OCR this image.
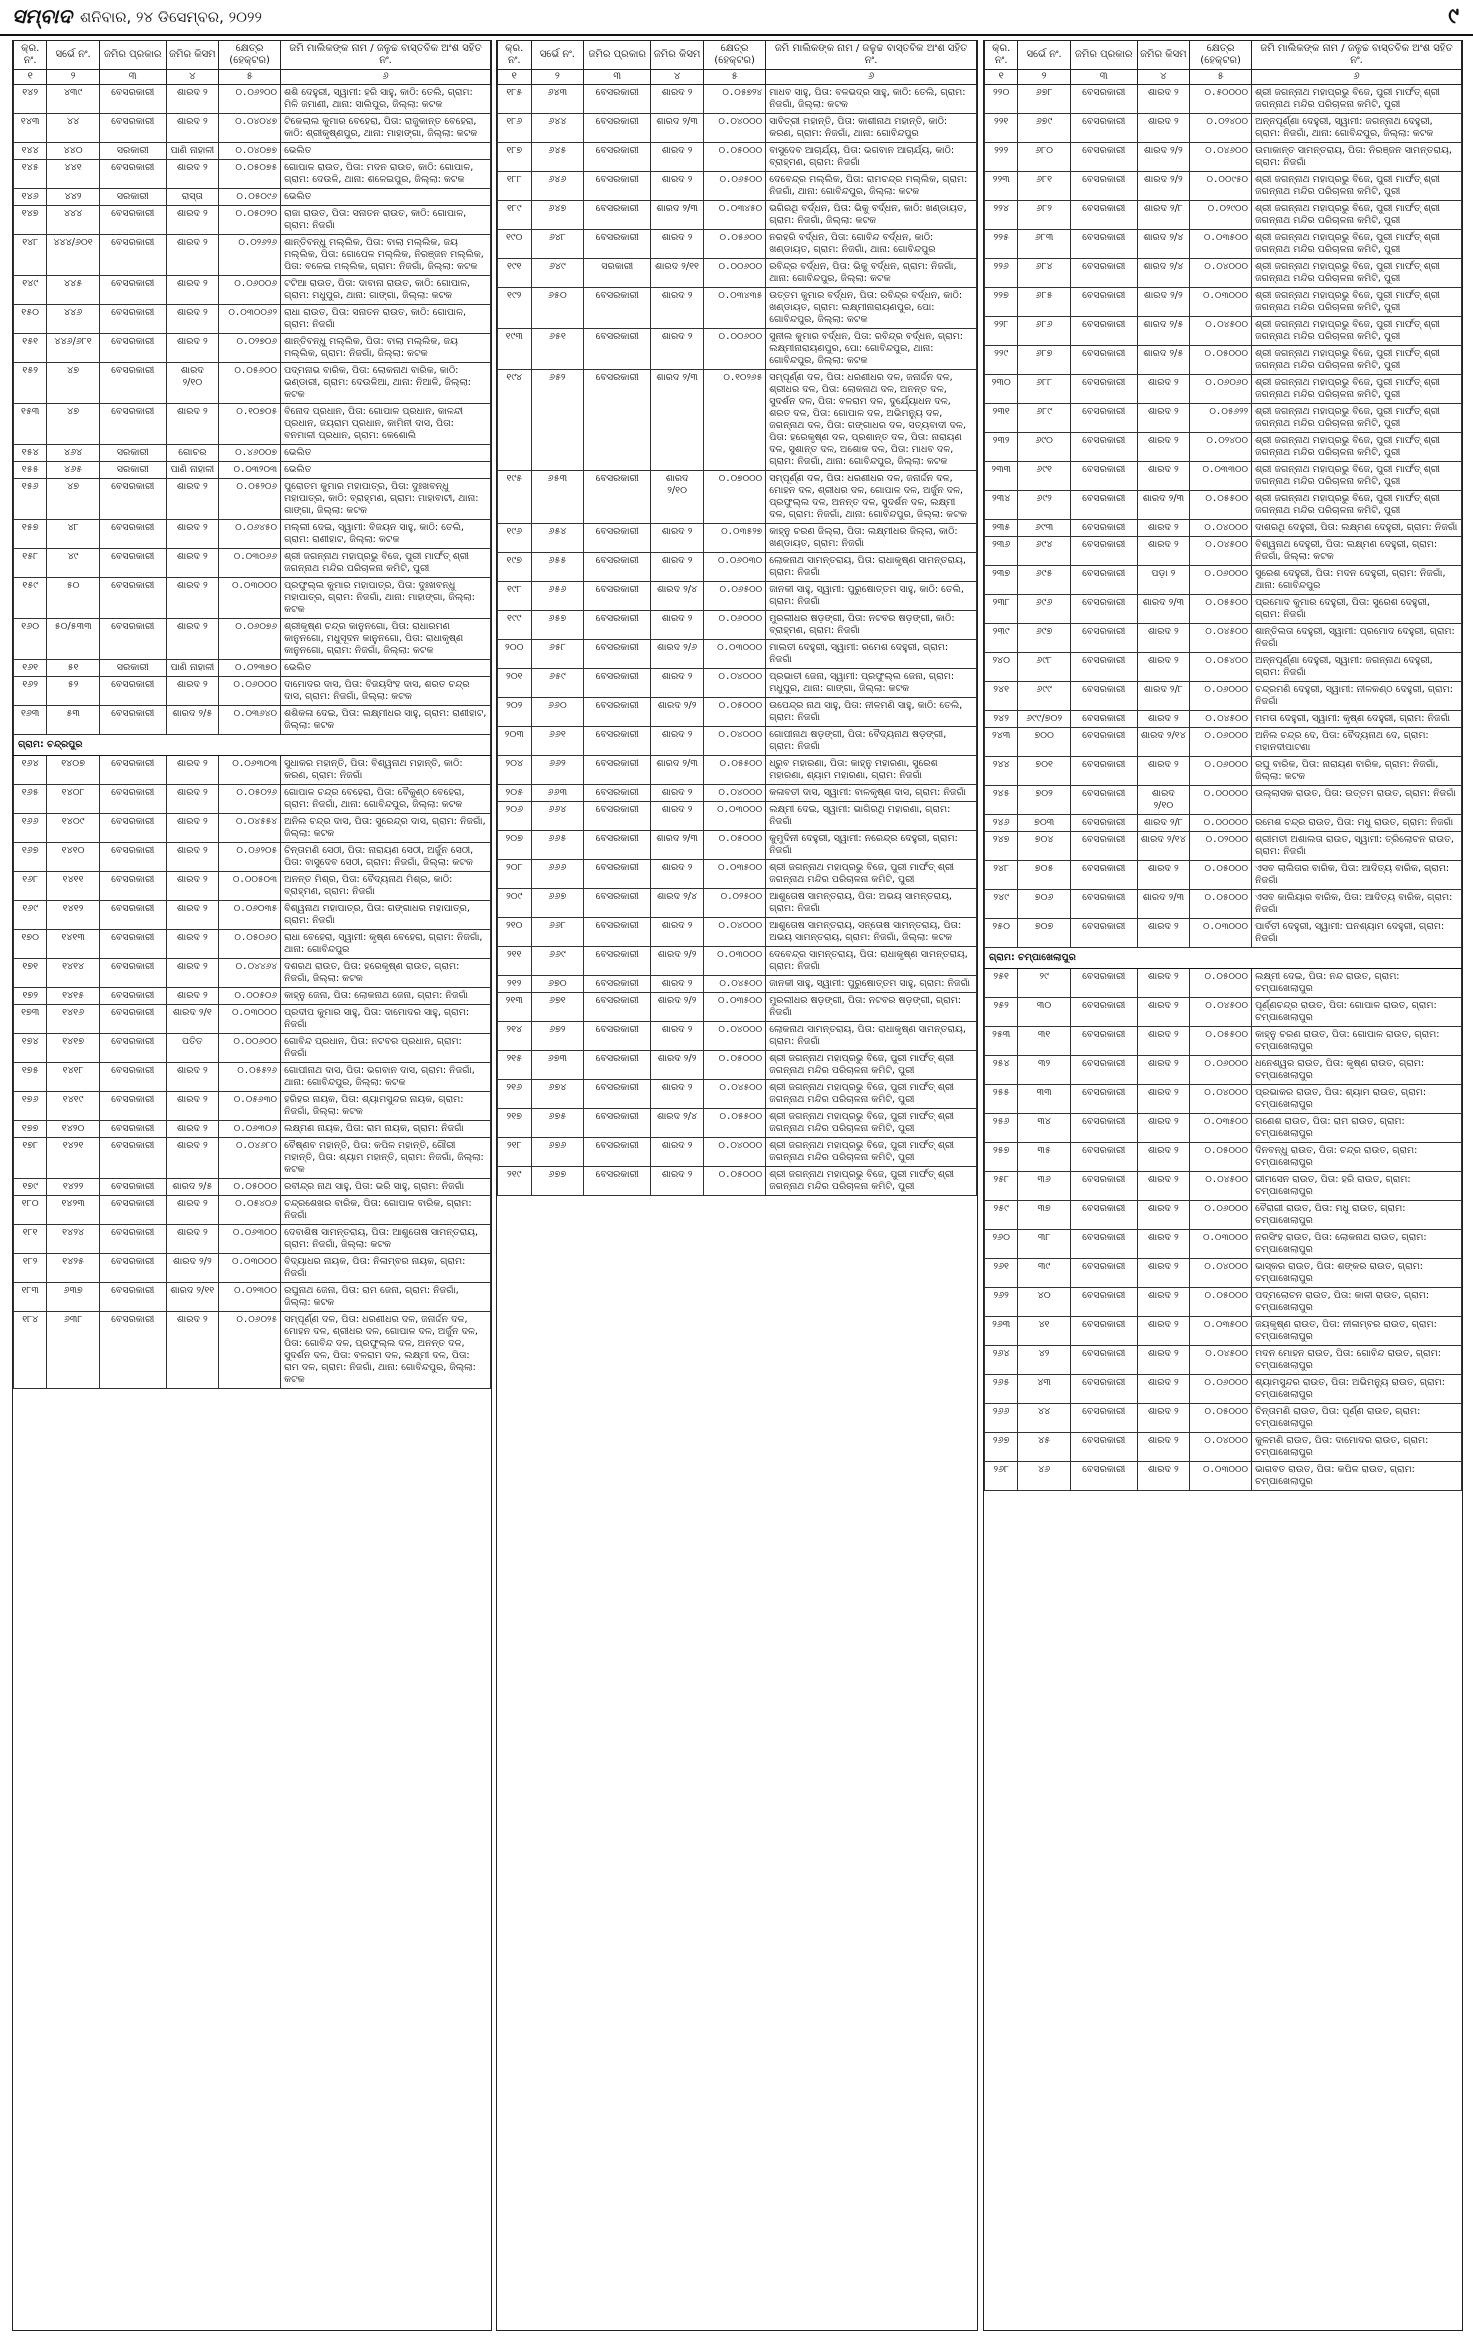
ସମ୍ବାଦ ଶନିବାର, ୨୪ ଡିସେମ୍ବର, ୨୦୨୨	୯
କ୍ର. ନଂ.	ସର୍ଭେ ନଂ.	ଜମିର ପ୍ରକାର	ଜମିର କିସମ	କ୍ଷେତ୍ର (ହେକ୍ଟର)	ଜମି ମାଲିକଙ୍କ ନାମ / ଜଳୁଚ୍ଚ ବାସ୍ତବିକ ଅଂଶ ସହିତ ନଂ.
୧	୨	୩	୪	୫	୬
୧୪୨	୪୩୯	ବେସରକାରୀ	ଶାରଦ ୨	୦.୦୬୨୦୦	ଶଶି ଦେହୁରୀ, ସ୍ୱାମୀ: ହରି ସାହୁ, କାଠି: ତେଲି, ଗ୍ରାମ: ମିଳି ଜମାଣୀ, ଥାନା: ସାଲିପୁର, ଜିଲ୍ଲା: କଟକ
୧୪୩	୪୪	ବେସରକାରୀ	ଶାରଦ ୨	୦.୦୪୦୪୭	ଟିକେଲାଲ କୁମାର ବେହେରା, ପିତା: ରାଜୁକାନ୍ତ ବେହେରା, କାଠି: ଶ୍ରୀକୃଷ୍ଣପୁର, ଥାନା: ମାହାଙ୍ଗା, ଜିଲ୍ଲା: କଟକ
୧୪୪	୪୪୦	ସରକାରୀ	ପାଣି ନାହାଳୀ	୦.୦୪୦୭୭	ଭେଲିତ
୧୪୫	୪୪୧	ବେସରକାରୀ	ଶାରଦ ୨	୦.୦୫୦୭୫	ଗୋପାଳ ରାଉତ, ପିତା: ମଦନ ରାଉତ, କାଠି: ଗୋପାଳ, ଗ୍ରାମ: ଦେଉଳି, ଥାନା: ଶଳେଇପୁର, ଜିଲ୍ଲା: କଟକ
୧୪୬	୪୪୨	ସରକାରୀ	ରାସ୍ତା	୦.୦୫୦୯୬	ଭେଲିତ
୧୪୭	୪୪୪	ବେସରକାରୀ	ଶାରଦ ୨	୦.୦୫୦୨୦	ରାଜା ରାଉତ, ପିତା: ସନାତନ ରାଉତ, କାଠି: ଗୋପାଳ, ଗ୍ରାମ: ନିଜଗାଁ
୧୪୮	୪୪୪/୬୦୧	ବେସରକାରୀ	ଶାରଦ ୨	୦.୦୨୬୨୬	ଶାନ୍ତିବନ୍ଧୁ ମଲ୍ଲିକ, ପିତା: ବାଲା ମଲ୍ଲିକ, ଜୟ ମଲ୍ଲିକ, ପିତା: ଗୋପେଳ ମଲ୍ଲିକ, ନିରଞ୍ଜନ ମଲ୍ଲିକ, ପିତା: ବଳେଇ ମଲ୍ଲିକ, ଗ୍ରାମ: ନିଜଗାଁ, ଜିଲ୍ଲା: କଟକ
୧୪୯	୪୪୫	ବେସରକାରୀ	ଶାରଦ ୨	୦.୦୬୦୦୬	ଟଟିଆ ରାଉତ, ପିତା: ଦାବାନା ରାଉତ, କାଠି: ଗୋପାଳ, ଗ୍ରାମ: ମଧୁପୁର, ଥାନା: ଗାଙ୍ଗା, ଜିଲ୍ଲା: କଟକ
୧୫୦	୪୪୬	ବେସରକାରୀ	ଶାରଦ ୨	୦.୦୩୦୦୬୨	ରାଧା ରାଉତ, ପିତା: ସନାତନ ରାଉତ, କାଠି: ଗୋପାଳ, ଗ୍ରାମ: ନିଜଗାଁ
୧୫୧	୪୪୬/୬୮୧	ବେସରକାରୀ	ଶାରଦ ୨	୦.୦୨୭୦୬	ଶାନ୍ତିବନ୍ଧୁ ମଲ୍ଲିକ, ପିତା: ବାଲା ମଲ୍ଲିକ, ଜୟ ମଲ୍ଲିକ, ଗ୍ରାମ: ନିଜଗାଁ, ଜିଲ୍ଲା: କଟକ
୧୫୨	୪୭	ବେସରକାରୀ	ଶାରଦ ୨/୧୦	୦.୦୫୬୦୦	ପଦ୍ମନାଭ ବାରିକ, ପିତା: ଲୋକନାଥ ବାରିକ, କାଠି: ଭଣ୍ଡାରୀ, ଗ୍ରାମ: ଦେଉଳିଆ, ଥାନା: ନିଆଳି, ଜିଲ୍ଲା: କଟକ
୧୫୩	୪୭	ବେସରକାରୀ	ଶାରଦ ୨	୦.୧୦୭୦୫	ବିନୋଦ ପ୍ରଧାନ, ପିତା: ଗୋପାଳ ପ୍ରଧାନ, କାଳନ୍ଦୀ ପ୍ରଧାନ, ଜୟରାମ ପ୍ରଧାନ, କାମିନୀ ଦାସ, ପିତା: ବନମାଳୀ ପ୍ରଧାନ, ଗ୍ରାମ: କେଶୋଲି
୧୫୪	୪୬୪	ସରକାରୀ	ଗୋଚର	୦.୪୬୦୦୭	ଭେଲିତ
୧୫୫	୪୬୫	ସରକାରୀ	ପାଣି ନାହାଳୀ	୦.୦୩୨୦୩	ଭେଲିତ
୧୫୬	୪୭	ବେସରକାରୀ	ଶାରଦ ୨	୦.୦୫୨୦୬	ପୁରୋତମ କୁମାର ମହାପାତ୍ର, ପିତା: ଦୁଃଖବନ୍ଧୁ ମହାପାତ୍ର, କାଠି: ବ୍ରାହ୍ମଣ, ଗ୍ରାମ: ମାହାବାଟୀ, ଥାନା: ଗାଙ୍ଗା, ଜିଲ୍ଲା: କଟକ
୧୫୭	୪୮	ବେସରକାରୀ	ଶାରଦ ୨	୦.୦୬୪୫୦	ମଲ୍ଲୀ ଦେଇ, ସ୍ୱାମୀ: ବିଜୟନ ସାହୁ, କାଠି: ତେଲି, ଗ୍ରାମ: ରାଣୀହାଟ, ଜିଲ୍ଲା: କଟକ
୧୫୮	୪୯	ବେସରକାରୀ	ଶାରଦ ୨	୦.୦୩୦୬୬	ଶ୍ରୀ ଜଗନ୍ନାଥ ମହାପ୍ରଭୁ ବିଜେ, ପୁରୀ ମାର୍ଫତ୍ ଶ୍ରୀ ଜଗନ୍ନାଥ ମନ୍ଦିର ପରିଚାଳନା କମିଟି, ପୁରୀ
୧୫୯	୫୦	ବେସରକାରୀ	ଶାରଦ ୨	୦.୦୩୦୦୦	ପ୍ରଫୁଲ୍ଲ କୁମାର ମହାପାତ୍ର, ପିତା: ଦୁଃଖବନ୍ଧୁ ମହାପାତ୍ର, ଗ୍ରାମ: ନିଜଗାଁ, ଥାନା: ମାହାଙ୍ଗା, ଜିଲ୍ଲା: କଟକ
୧୬୦	୫୦/୫୩୩	ବେସରକାରୀ	ଶାରଦ ୨	୦.୦୬୦୭୬	ଶ୍ରୀକୃଷ୍ଣ ଚନ୍ଦ୍ର କାନୁନଗୋ, ପିତା: ରାଧାରମଣ କାନୁନଗୋ, ମଧୁସୂଦନ କାନୁନଗୋ, ପିତା: ରାଧାକୃଷ୍ଣ କାନୁନଗୋ, ଗ୍ରାମ: ନିଜଗାଁ, ଜିଲ୍ଲା: କଟକ
୧୬୧	୫୧	ସରକାରୀ	ପାଣି ନାହାଳୀ	୦.୦୨୩୭୦	ଭେଲିତ
୧୬୨	୫୨	ବେସରକାରୀ	ଶାରଦ ୨	୦.୦୬୦୦୦	ଦାମୋଦର ଦାସ, ପିତା: ବିଜୟସିଂହ ଦାସ, ଶରତ ଚନ୍ଦ୍ର ଦାସ, ଗ୍ରାମ: ନିଜଗାଁ, ଜିଲ୍ଲା: କଟକ
୧୬୩	୫୩	ବେସରକାରୀ	ଶାରଦ ୨/୫	୦.୦୩୬୪୦	ଶଶିକଳା ଦେଇ, ପିତା: ଲକ୍ଷ୍ମୀଧର ସାହୁ, ଗ୍ରାମ: ରାଣୀହାଟ, ଜିଲ୍ଲା: କଟକ
ଗ୍ରାମ: ଚନ୍ଦ୍ରପୁର					
୧୬୪	୧୪୦୭	ବେସରକାରୀ	ଶାରଦ ୨	୦.୦୬୩୦୩	ସୁଧାକର ମହାନ୍ତି, ପିତା: ବିଶ୍ୱନାଥ ମହାନ୍ତି, କାଠି: କରଣ, ଗ୍ରାମ: ନିଜଗାଁ
୧୬୫	୧୪୦୮	ବେସରକାରୀ	ଶାରଦ ୨	୦.୦୫୦୨୬	ଗୋପାଳ ଚନ୍ଦ୍ର ବେହେରା, ପିତା: ବୈକୁଣ୍ଠ ବେହେରା, ଗ୍ରାମ: ନିଜଗାଁ, ଥାନା: ଗୋବିନ୍ଦପୁର, ଜିଲ୍ଲା: କଟକ
୧୬୬	୧୪୦୯	ବେସରକାରୀ	ଶାରଦ ୨	୦.୦୪୫୫୪	ଅନିଲ ଚନ୍ଦ୍ର ଦାସ, ପିତା: ସୁରେନ୍ଦ୍ର ଦାସ, ଗ୍ରାମ: ନିଜଗାଁ, ଜିଲ୍ଲା: କଟକ
୧୬୭	୧୪୧୦	ବେସରକାରୀ	ଶାରଦ ୨	୦.୦୬୨୦୫	ଚିନ୍ତାମଣି ସେଠୀ, ପିତା: ନାରାୟଣ ସେଠୀ, ଅର୍ଜୁନ ସେଠୀ, ପିତା: ବାସୁଦେବ ସେଠୀ, ଗ୍ରାମ: ନିଜଗାଁ, ଜିଲ୍ଲା: କଟକ
୧୬୮	୧୪୧୧	ବେସରକାରୀ	ଶାରଦ ୨	୦.୦୦୫୦୩	ଅନନ୍ତ ମିଶ୍ର, ପିତା: ବୈଦ୍ୟନାଥ ମିଶ୍ର, କାଠି: ବ୍ରାହ୍ମଣ, ଗ୍ରାମ: ନିଜଗାଁ
୧୬୯	୧୪୧୨	ବେସରକାରୀ	ଶାରଦ ୨	୦.୦୬୦୩୫	ବିଶ୍ୱନାଥ ମହାପାତ୍ର, ପିତା: ଗଙ୍ଗାଧର ମହାପାତ୍ର, ଗ୍ରାମ: ନିଜଗାଁ
୧୭୦	୧୪୧୩	ବେସରକାରୀ	ଶାରଦ ୨	୦.୦୫୦୬୦	ରାଧା ବେହେରା, ସ୍ୱାମୀ: କୃଷ୍ଣ ବେହେରା, ଗ୍ରାମ: ନିଜଗାଁ, ଥାନା: ଗୋବିନ୍ଦପୁର
୧୭୧	୧୪୧୪	ବେସରକାରୀ	ଶାରଦ ୨	୦.୦୪୪୬୪	ଦଶରଥ ରାଉତ, ପିତା: ହରେକୃଷ୍ଣ ରାଉତ, ଗ୍ରାମ: ନିଜଗାଁ, ଜିଲ୍ଲା: କଟକ
୧୭୨	୧୪୧୫	ବେସରକାରୀ	ଶାରଦ ୨	୦.୦୦୫୦୬	କାହ୍ନୁ ଜେନା, ପିତା: ଲୋକନାଥ ଜେନା, ଗ୍ରାମ: ନିଜଗାଁ
୧୭୩	୧୪୧୬	ବେସରକାରୀ	ଶାରଦ ୨/୧	୦.୦୩୦୦୦	ପ୍ରଦୀପ କୁମାର ସାହୁ, ପିତା: ଦାମୋଦର ସାହୁ, ଗ୍ରାମ: ନିଜଗାଁ
୧୭୪	୧୪୧୭	ବେସରକାରୀ	ପତିତ	୦.୦୦୬୦୦	ଗୋବିନ୍ଦ ପ୍ରଧାନ, ପିତା: ନଟବର ପ୍ରଧାନ, ଗ୍ରାମ: ନିଜଗାଁ
୧୭୫	୧୪୧୮	ବେସରକାରୀ	ଶାରଦ ୨	୦.୦୫୫୨୬	ଗୋପୀନାଥ ଦାସ, ପିତା: ଭଗବାନ ଦାସ, ଗ୍ରାମ: ନିଜଗାଁ, ଥାନା: ଗୋବିନ୍ଦପୁର, ଜିଲ୍ଲା: କଟକ
୧୭୬	୧୪୧୯	ବେସରକାରୀ	ଶାରଦ ୨	୦.୦୫୬୩୦	ହରିହର ନାୟକ, ପିତା: ଶ୍ୟାମସୁନ୍ଦର ନାୟକ, ଗ୍ରାମ: ନିଜଗାଁ, ଜିଲ୍ଲା: କଟକ
୧୭୭	୧୪୨୦	ବେସରକାରୀ	ଶାରଦ ୨	୦.୦୬୩୦୬	ଲକ୍ଷ୍ମଣ ନାୟକ, ପିତା: ରାମ ନାୟକ, ଗ୍ରାମ: ନିଜଗାଁ
୧୭୮	୧୪୨୧	ବେସରକାରୀ	ଶାରଦ ୨	୦.୦୪୬୮୦	ବୈଷ୍ଣବ ମହାନ୍ତି, ପିତା: କପିଳ ମହାନ୍ତି, ଗୌରୀ ମହାନ୍ତି, ପିତା: ଶ୍ୟାମ ମହାନ୍ତି, ଗ୍ରାମ: ନିଜଗାଁ, ଜିଲ୍ଲା: କଟକ
୧୭୯	୧୪୨୨	ବେସରକାରୀ	ଶାରଦ ୨/୫	୦.୦୫୦୦୦	ରବୀନ୍ଦ୍ର ନାଥ ସାହୁ, ପିତା: ଭରି ସାହୁ, ଗ୍ରାମ: ନିଜଗାଁ
୧୮୦	୧୪୨୩	ବେସରକାରୀ	ଶାରଦ ୨	୦.୦୫୪୦୬	ଚନ୍ଦ୍ରଶେଖର ବାରିକ, ପିତା: ଗୋପାଳ ବାରିକ, ଗ୍ରାମ: ନିଜଗାଁ
୧୮୧	୧୪୨୪	ବେସରକାରୀ	ଶାରଦ ୨	୦.୦୬୩୦୦	ଦେବାଶିଷ ସାମନ୍ତରାୟ, ପିତା: ଆଶୁତୋଷ ସାମନ୍ତରାୟ, ଗ୍ରାମ: ନିଜଗାଁ, ଜିଲ୍ଲା: କଟକ
୧୮୨	୧୪୨୫	ବେସରକାରୀ	ଶାରଦ ୨/୨	୦.୦୩୦୦୦	ବିଦ୍ୟାଧର ନାୟକ, ପିତା: ନିଳାମ୍ବର ନାୟକ, ଗ୍ରାମ: ନିଜଗାଁ
୧୮୩	୬୩୭	ବେସରକାରୀ	ଶାରଦ ୨/୧୧	୦.୦୨୩୦୦	ରଘୁନାଥ ଜେନା, ପିତା: ରାମ ଜେନା, ଗ୍ରାମ: ନିଜଗାଁ, ଜିଲ୍ଲା: କଟକ
୧୮୪	୬୩୮	ବେସରକାରୀ	ଶାରଦ ୨	୦.୦୬୦୨୫	ସମ୍ପୂର୍ଣ୍ଣ ଦଳ, ପିତା: ଧରଣୀଧର ଦଳ, ଜନାର୍ଦ୍ଦନ ଦଳ, ମୋହନ ଦଳ, ଶ୍ରୀଧର ଦଳ, ଗୋପାଳ ଦଳ, ଅର୍ଜୁନ ଦଳ, ପିତା: ଗୋବିନ୍ଦ ଦଳ, ପ୍ରଫୁଲ୍ଲ ଦଳ, ଅନନ୍ତ ଦଳ, ସୁଦର୍ଶନ ଦଳ, ପିତା: ବଳରାମ ଦଳ, ଲକ୍ଷ୍ମୀ ଦଳ, ପିତା: ରାମ ଦଳ, ଗ୍ରାମ: ନିଜଗାଁ, ଥାନା: ଗୋବିନ୍ଦପୁର, ଜିଲ୍ଲା: କଟକ
କ୍ର. ନଂ.	ସର୍ଭେ ନଂ.	ଜମିର ପ୍ରକାର	ଜମିର କିସମ	କ୍ଷେତ୍ର (ହେକ୍ଟର)	ଜମି ମାଲିକଙ୍କ ନାମ / ଜଳୁଚ୍ଚ ବାସ୍ତବିକ ଅଂଶ ସହିତ ନଂ.
୧	୨	୩	୪	୫	୬
୧୮୫	୬୪୩	ବେସରକାରୀ	ଶାରଦ ୨	୦.୦୫୭୨୪	ମାଧବ ସାହୁ, ପିତା: ବଳଭଦ୍ର ସାହୁ, କାଠି: ତେଲି, ଗ୍ରାମ: ନିଜଗାଁ, ଜିଲ୍ଲା: କଟକ
୧୮୬	୬୪୪	ବେସରକାରୀ	ଶାରଦ ୨/୩	୦.୦୪୦୦୦	ସାବିତ୍ରୀ ମହାନ୍ତି, ପିତା: କାଶୀନାଥ ମହାନ୍ତି, କାଠି: କରଣ, ଗ୍ରାମ: ନିଜଗାଁ, ଥାନା: ଗୋବିନ୍ଦପୁର
୧୮୭	୬୪୫	ବେସରକାରୀ	ଶାରଦ ୨	୦.୦୫୦୦୦	ବାସୁଦେବ ଆଚାର୍ଯ୍ୟ, ପିତା: ଭଗବାନ ଆଚାର୍ଯ୍ୟ, କାଠି: ବ୍ରାହ୍ମଣ, ଗ୍ରାମ: ନିଜଗାଁ
୧୮୮	୬୪୬	ବେସରକାରୀ	ଶାରଦ ୨	୦.୦୬୫୦୦	ଦେବେନ୍ଦ୍ର ମଲ୍ଲିକ, ପିତା: ରାମଚନ୍ଦ୍ର ମଲ୍ଲିକ, ଗ୍ରାମ: ନିଜଗାଁ, ଥାନା: ଗୋବିନ୍ଦପୁର, ଜିଲ୍ଲା: କଟକ
୧୮୯	୬୪୭	ବେସରକାରୀ	ଶାରଦ ୨/୩	୦.୦୩୪୫୦	ଭଗିରଥି ବର୍ଦ୍ଧନ, ପିତା: ଭିକୁ ବର୍ଦ୍ଧନ, କାଠି: ଖଣ୍ଡାୟତ, ଗ୍ରାମ: ନିଜଗାଁ, ଜିଲ୍ଲା: କଟକ
୧୯୦	୬୪୮	ବେସରକାରୀ	ଶାରଦ ୨	୦.୦୫୬୦୦	ନରହରି ବର୍ଦ୍ଧନ, ପିତା: ଗୋବିନ୍ଦ ବର୍ଦ୍ଧନ, କାଠି: ଖଣ୍ଡାୟତ, ଗ୍ରାମ: ନିଜଗାଁ, ଥାନା: ଗୋବିନ୍ଦପୁର
୧୯୧	୬୪୯	ସରକାରୀ	ଶାରଦ ୨/୧୧	୦.୦୦୬୦୦	ରବିନ୍ଦ୍ର ବର୍ଦ୍ଧନ, ପିତା: ଭିକୁ ବର୍ଦ୍ଧନ, ଗ୍ରାମ: ନିଜଗାଁ, ଥାନା: ଗୋବିନ୍ଦପୁର, ଜିଲ୍ଲା: କଟକ
୧୯୨	୬୫୦	ବେସରକାରୀ	ଶାରଦ ୨	୦.୦୩୪୩୫	ଉତ୍ତମ କୁମାର ବର୍ଦ୍ଧନ, ପିତା: ରବିନ୍ଦ୍ର ବର୍ଦ୍ଧନ, କାଠି: ଖଣ୍ଡାୟତ, ଗ୍ରାମ: ଲକ୍ଷ୍ମୀନାରାୟଣପୁର, ପୋ: ଗୋବିନ୍ଦପୁର, ଜିଲ୍ଲା: କଟକ
୧୯୩	୬୫୧	ବେସରକାରୀ	ଶାରଦ ୨	୦.୦୦୬୦୦	ସୁନୀଲ କୁମାର ବର୍ଦ୍ଧନ, ପିତା: ରବିନ୍ଦ୍ର ବର୍ଦ୍ଧନ, ଗ୍ରାମ: ଲକ୍ଷ୍ମୀନାରାୟଣପୁର, ପୋ: ଗୋବିନ୍ଦପୁର, ଥାନା: ଗୋବିନ୍ଦପୁର, ଜିଲ୍ଲା: କଟକ
୧୯୪	୬୫୨	ବେସରକାରୀ	ଶାରଦ ୨/୩	୦.୧୦୨୬୫	ସମ୍ପୂର୍ଣ୍ଣ ଦଳ, ପିତା: ଧରଣୀଧର ଦଳ, ଜନାର୍ଦ୍ଦନ ଦଳ, ଶ୍ରୀଧର ଦଳ, ପିତା: ଲୋକନାଥ ଦଳ, ଅନନ୍ତ ଦଳ, ସୁଦର୍ଶନ ଦଳ, ପିତା: ବଳରାମ ଦଳ, ଦୁର୍ଯ୍ୟୋଧନ ଦଳ, ଶରତ ଦଳ, ପିତା: ଗୋପାଳ ଦଳ, ଅଭିମନ୍ୟୁ ଦଳ, ଜଗନ୍ନାଥ ଦଳ, ପିତା: ଗଙ୍ଗାଧର ଦଳ, ସତ୍ୟବାଦୀ ଦଳ, ପିତା: ହରେକୃଷ୍ଣ ଦଳ, ପ୍ରଶାନ୍ତ ଦଳ, ପିତା: ନାରାୟଣ ଦଳ, ସୁଶାନ୍ତ ଦଳ, ଅଶୋକ ଦଳ, ପିତା: ମାଧବ ଦଳ, ଗ୍ରାମ: ନିଜଗାଁ, ଥାନା: ଗୋବିନ୍ଦପୁର, ଜିଲ୍ଲା: କଟକ
୧୯୫	୬୫୩	ବେସରକାରୀ	ଶାରଦ ୨/୧୦	୦.୦୭୦୦୦	ସମ୍ପୂର୍ଣ୍ଣ ଦଳ, ପିତା: ଧରଣୀଧର ଦଳ, ଜନାର୍ଦ୍ଦନ ଦଳ, ମୋହନ ଦଳ, ଶ୍ରୀଧର ଦଳ, ଗୋପାଳ ଦଳ, ଅର୍ଜୁନ ଦଳ, ପ୍ରଫୁଲ୍ଲ ଦଳ, ଅନନ୍ତ ଦଳ, ସୁଦର୍ଶନ ଦଳ, ଲକ୍ଷ୍ମୀ ଦଳ, ଗ୍ରାମ: ନିଜଗାଁ, ଥାନା: ଗୋବିନ୍ଦପୁର, ଜିଲ୍ଲା: କଟକ
୧୯୬	୬୫୪	ବେସରକାରୀ	ଶାରଦ ୨	୦.୦୩୫୨୭	କାହ୍ନୁ ଚରଣ ଜିଲ୍ଲା, ପିତା: ଲକ୍ଷ୍ମୀଧର ଜିଲ୍ଲା, କାଠି: ଖଣ୍ଡାୟତ, ଗ୍ରାମ: ନିଜଗାଁ
୧୯୭	୬୫୫	ବେସରକାରୀ	ଶାରଦ ୨	୦.୦୬୦୩୦	ଲୋକନାଥ ସାମନ୍ତରାୟ, ପିତା: ରାଧାକୃଷ୍ଣ ସାମନ୍ତରାୟ, ଗ୍ରାମ: ନିଜଗାଁ
୧୯୮	୬୫୬	ବେସରକାରୀ	ଶାରଦ ୨/୪	୦.୦୬୫୦୦	ଜାନକୀ ସାହୁ, ସ୍ୱାମୀ: ପୁରୁଷୋତ୍ତମ ସାହୁ, କାଠି: ତେଲି, ଗ୍ରାମ: ନିଜଗାଁ
୧୯୯	୬୫୭	ବେସରକାରୀ	ଶାରଦ ୨	୦.୦୬୦୦୦	ମୁରଲୀଧର ଷଡ଼ଙ୍ଗୀ, ପିତା: ନଟବର ଷଡ଼ଙ୍ଗୀ, କାଠି: ବ୍ରାହ୍ମଣ, ଗ୍ରାମ: ନିଜଗାଁ
୨୦୦	୬୫୮	ବେସରକାରୀ	ଶାରଦ ୨/୬	୦.୦୩୦୦୦	ମାଲତୀ ଦେହୁରୀ, ସ୍ୱାମୀ: ରମେଶ ଦେହୁରୀ, ଗ୍ରାମ: ନିଜଗାଁ
୨୦୧	୬୫୯	ବେସରକାରୀ	ଶାରଦ ୨	୦.୦୪୦୦୦	ପ୍ରଭାତୀ ଜେନା, ସ୍ୱାମୀ: ପ୍ରଫୁଲ୍ଲ ଜେନା, ଗ୍ରାମ: ମଧୁପୁର, ଥାନା: ଗାଙ୍ଗା, ଜିଲ୍ଲା: କଟକ
୨୦୨	୬୬୦	ବେସରକାରୀ	ଶାରଦ ୨/୨	୦.୦୫୦୦୦	ଉପେନ୍ଦ୍ର ନାଥ ସାହୁ, ପିତା: ନୀଳମଣି ସାହୁ, କାଠି: ତେଲି, ଗ୍ରାମ: ନିଜଗାଁ
୨୦୩	୬୬୧	ବେସରକାରୀ	ଶାରଦ ୨	୦.୦୪୦୦୦	ଗୋପୀନାଥ ଷଡ଼ଙ୍ଗୀ, ପିତା: ବୈଦ୍ୟନାଥ ଷଡ଼ଙ୍ଗୀ, ଗ୍ରାମ: ନିଜଗାଁ
୨୦୪	୬୬୨	ବେସରକାରୀ	ଶାରଦ ୨/୩	୦.୦୫୫୦୦	ଧ୍ରୁବ ମହାରଣା, ପିତା: କାହ୍ନୁ ମହାରଣା, ସୁରେଶ ମହାରଣା, ଶ୍ୟାମ ମହାରଣା, ଗ୍ରାମ: ନିଜଗାଁ
୨୦୫	୬୬୩	ବେସରକାରୀ	ଶାରଦ ୨	୦.୦୪୦୦୦	କଳାବତୀ ଦାସ, ସ୍ୱାମୀ: ବାଳକୃଷ୍ଣ ଦାସ, ଗ୍ରାମ: ନିଜଗାଁ
୨୦୬	୬୬୪	ବେସରକାରୀ	ଶାରଦ ୨	୦.୦୩୦୦୦	ଲକ୍ଷ୍ମୀ ଦେଇ, ସ୍ୱାମୀ: ଭାଗିରଥି ମହାରଣା, ଗ୍ରାମ: ନିଜଗାଁ
୨୦୭	୬୬୫	ବେସରକାରୀ	ଶାରଦ ୨/୩	୦.୦୫୦୦୦	କୁମୁଦିନୀ ଦେହୁରୀ, ସ୍ୱାମୀ: ନରେନ୍ଦ୍ର ଦେହୁରୀ, ଗ୍ରାମ: ନିଜଗାଁ
୨୦୮	୬୬୬	ବେସରକାରୀ	ଶାରଦ ୨	୦.୦୩୫୦୦	ଶ୍ରୀ ଜଗନ୍ନାଥ ମହାପ୍ରଭୁ ବିଜେ, ପୁରୀ ମାର୍ଫତ୍ ଶ୍ରୀ ଜଗନ୍ନାଥ ମନ୍ଦିର ପରିଚାଳନା କମିଟି, ପୁରୀ
୨୦୯	୬୬୭	ବେସରକାରୀ	ଶାରଦ ୨/୪	୦.୦୨୫୦୦	ଆଶୁତୋଷ ସାମନ୍ତରାୟ, ପିତା: ଅଭୟ ସାମନ୍ତରାୟ, ଗ୍ରାମ: ନିଜଗାଁ
୨୧୦	୬୬୮	ବେସରକାରୀ	ଶାରଦ ୨	୦.୦୪୦୦୦	ଆଶୁତୋଷ ସାମନ୍ତରାୟ, ସନ୍ତୋଷ ସାମନ୍ତରାୟ, ପିତା: ଅଭୟ ସାମନ୍ତରାୟ, ଗ୍ରାମ: ନିଜଗାଁ, ଜିଲ୍ଲା: କଟକ
୨୧୧	୬୬୯	ବେସରକାରୀ	ଶାରଦ ୨/୨	୦.୦୩୦୦୦	ଦେବେନ୍ଦ୍ର ସାମନ୍ତରାୟ, ପିତା: ରାଧାକୃଷ୍ଣ ସାମନ୍ତରାୟ, ଗ୍ରାମ: ନିଜଗାଁ
୨୧୨	୬୭୦	ବେସରକାରୀ	ଶାରଦ ୨	୦.୦୪୫୦୦	ଜାନକୀ ସାହୁ, ସ୍ୱାମୀ: ପୁରୁଷୋତ୍ତମ ସାହୁ, ଗ୍ରାମ: ନିଜଗାଁ
୨୧୩	୬୭୧	ବେସରକାରୀ	ଶାରଦ ୨/୨	୦.୦୩୫୦୦	ମୁରଲୀଧର ଷଡ଼ଙ୍ଗୀ, ପିତା: ନଟବର ଷଡ଼ଙ୍ଗୀ, ଗ୍ରାମ: ନିଜଗାଁ
୨୧୪	୬୭୨	ବେସରକାରୀ	ଶାରଦ ୨	୦.୦୪୦୦୦	ଲୋକନାଥ ସାମନ୍ତରାୟ, ପିତା: ରାଧାକୃଷ୍ଣ ସାମନ୍ତରାୟ, ଗ୍ରାମ: ନିଜଗାଁ
୨୧୫	୬୭୩	ବେସରକାରୀ	ଶାରଦ ୨/୨	୦.୦୫୦୦୦	ଶ୍ରୀ ଜଗନ୍ନାଥ ମହାପ୍ରଭୁ ବିଜେ, ପୁରୀ ମାର୍ଫତ୍ ଶ୍ରୀ ଜଗନ୍ନାଥ ମନ୍ଦିର ପରିଚାଳନା କମିଟି, ପୁରୀ
୨୧୬	୬୭୪	ବେସରକାରୀ	ଶାରଦ ୨	୦.୦୪୫୦୦	ଶ୍ରୀ ଜଗନ୍ନାଥ ମହାପ୍ରଭୁ ବିଜେ, ପୁରୀ ମାର୍ଫତ୍ ଶ୍ରୀ ଜଗନ୍ନାଥ ମନ୍ଦିର ପରିଚାଳନା କମିଟି, ପୁରୀ
୨୧୭	୬୭୫	ବେସରକାରୀ	ଶାରଦ ୨/୪	୦.୦୫୫୦୦	ଶ୍ରୀ ଜଗନ୍ନାଥ ମହାପ୍ରଭୁ ବିଜେ, ପୁରୀ ମାର୍ଫତ୍ ଶ୍ରୀ ଜଗନ୍ନାଥ ମନ୍ଦିର ପରିଚାଳନା କମିଟି, ପୁରୀ
୨୧୮	୬୭୬	ବେସରକାରୀ	ଶାରଦ ୨	୦.୦୪୦୦୦	ଶ୍ରୀ ଜଗନ୍ନାଥ ମହାପ୍ରଭୁ ବିଜେ, ପୁରୀ ମାର୍ଫତ୍ ଶ୍ରୀ ଜଗନ୍ନାଥ ମନ୍ଦିର ପରିଚାଳନା କମିଟି, ପୁରୀ
୨୧୯	୬୭୭	ବେସରକାରୀ	ଶାରଦ ୨	୦.୦୫୦୦୦	ଶ୍ରୀ ଜଗନ୍ନାଥ ମହାପ୍ରଭୁ ବିଜେ, ପୁରୀ ମାର୍ଫତ୍ ଶ୍ରୀ ଜଗନ୍ନାଥ ମନ୍ଦିର ପରିଚାଳନା କମିଟି, ପୁରୀ
କ୍ର. ନଂ.	ସର୍ଭେ ନଂ.	ଜମିର ପ୍ରକାର	ଜମିର କିସମ	କ୍ଷେତ୍ର (ହେକ୍ଟର)	ଜମି ମାଲିକଙ୍କ ନାମ / ଜଳୁଚ୍ଚ ବାସ୍ତବିକ ଅଂଶ ସହିତ ନଂ.
୧	୨	୩	୪	୫	୬
୨୨୦	୬୭୮	ବେସରକାରୀ	ଶାରଦ ୨	୦.୫୦୦୦୦	ଶ୍ରୀ ଜଗନ୍ନାଥ ମହାପ୍ରଭୁ ବିଜେ, ପୁରୀ ମାର୍ଫତ୍ ଶ୍ରୀ ଜଗନ୍ନାଥ ମନ୍ଦିର ପରିଚାଳନା କମିଟି, ପୁରୀ
୨୨୧	୬୭୯	ବେସରକାରୀ	ଶାରଦ ୨	୦.୦୨୪୦୦	ଅନ୍ନପୂର୍ଣ୍ଣା ଦେହୁରୀ, ସ୍ୱାମୀ: ଜଗନ୍ନାଥ ଦେହୁରୀ, ଗ୍ରାମ: ନିଜଗାଁ, ଥାନା: ଗୋବିନ୍ଦପୁର, ଜିଲ୍ଲା: କଟକ
୨୨୨	୬୮୦	ବେସରକାରୀ	ଶାରଦ ୨/୨	୦.୦୪୬୦୦	ଉମାକାନ୍ତ ସାମନ୍ତରାୟ, ପିତା: ନିରଞ୍ଜନ ସାମନ୍ତରାୟ, ଗ୍ରାମ: ନିଜଗାଁ
୨୨୩	୬୮୧	ବେସରକାରୀ	ଶାରଦ ୨/୨	୦.୦୦୯୫୦	ଶ୍ରୀ ଜଗନ୍ନାଥ ମହାପ୍ରଭୁ ବିଜେ, ପୁରୀ ମାର୍ଫତ୍ ଶ୍ରୀ ଜଗନ୍ନାଥ ମନ୍ଦିର ପରିଚାଳନା କମିଟି, ପୁରୀ
୨୨୪	୬୮୨	ବେସରକାରୀ	ଶାରଦ ୨/୮	୦.୦୨୯୦୦	ଶ୍ରୀ ଜଗନ୍ନାଥ ମହାପ୍ରଭୁ ବିଜେ, ପୁରୀ ମାର୍ଫତ୍ ଶ୍ରୀ ଜଗନ୍ନାଥ ମନ୍ଦିର ପରିଚାଳନା କମିଟି, ପୁରୀ
୨୨୫	୬୮୩	ବେସରକାରୀ	ଶାରଦ ୨/୪	୦.୦୩୫୦୦	ଶ୍ରୀ ଜଗନ୍ନାଥ ମହାପ୍ରଭୁ ବିଜେ, ପୁରୀ ମାର୍ଫତ୍ ଶ୍ରୀ ଜଗନ୍ନାଥ ମନ୍ଦିର ପରିଚାଳନା କମିଟି, ପୁରୀ
୨୨୬	୬୮୪	ବେସରକାରୀ	ଶାରଦ ୨/୪	୦.୦୪୦୦୦	ଶ୍ରୀ ଜଗନ୍ନାଥ ମହାପ୍ରଭୁ ବିଜେ, ପୁରୀ ମାର୍ଫତ୍ ଶ୍ରୀ ଜଗନ୍ନାଥ ମନ୍ଦିର ପରିଚାଳନା କମିଟି, ପୁରୀ
୨୨୭	୬୮୫	ବେସରକାରୀ	ଶାରଦ ୨/୨	୦.୦୩୦୦୦	ଶ୍ରୀ ଜଗନ୍ନାଥ ମହାପ୍ରଭୁ ବିଜେ, ପୁରୀ ମାର୍ଫତ୍ ଶ୍ରୀ ଜଗନ୍ନାଥ ମନ୍ଦିର ପରିଚାଳନା କମିଟି, ପୁରୀ
୨୨୮	୬୮୬	ବେସରକାରୀ	ଶାରଦ ୨/୫	୦.୦୪୫୦୦	ଶ୍ରୀ ଜଗନ୍ନାଥ ମହାପ୍ରଭୁ ବିଜେ, ପୁରୀ ମାର୍ଫତ୍ ଶ୍ରୀ ଜଗନ୍ନାଥ ମନ୍ଦିର ପରିଚାଳନା କମିଟି, ପୁରୀ
୨୨୯	୬୮୭	ବେସରକାରୀ	ଶାରଦ ୨/୫	୦.୦୫୦୦୦	ଶ୍ରୀ ଜଗନ୍ନାଥ ମହାପ୍ରଭୁ ବିଜେ, ପୁରୀ ମାର୍ଫତ୍ ଶ୍ରୀ ଜଗନ୍ନାଥ ମନ୍ଦିର ପରିଚାଳନା କମିଟି, ପୁରୀ
୨୩୦	୬୮୮	ବେସରକାରୀ	ଶାରଦ ୨	୦.୦୬୦୬୦	ଶ୍ରୀ ଜଗନ୍ନାଥ ମହାପ୍ରଭୁ ବିଜେ, ପୁରୀ ମାର୍ଫତ୍ ଶ୍ରୀ ଜଗନ୍ନାଥ ମନ୍ଦିର ପରିଚାଳନା କମିଟି, ପୁରୀ
୨୩୧	୬୮୯	ବେସରକାରୀ	ଶାରଦ ୨	୦.୦୫୬୨୨	ଶ୍ରୀ ଜଗନ୍ନାଥ ମହାପ୍ରଭୁ ବିଜେ, ପୁରୀ ମାର୍ଫତ୍ ଶ୍ରୀ ଜଗନ୍ନାଥ ମନ୍ଦିର ପରିଚାଳନା କମିଟି, ପୁରୀ
୨୩୨	୬୯୦	ବେସରକାରୀ	ଶାରଦ ୨	୦.୦୨୪୦୦	ଶ୍ରୀ ଜଗନ୍ନାଥ ମହାପ୍ରଭୁ ବିଜେ, ପୁରୀ ମାର୍ଫତ୍ ଶ୍ରୀ ଜଗନ୍ନାଥ ମନ୍ଦିର ପରିଚାଳନା କମିଟି, ପୁରୀ
୨୩୩	୬୯୧	ବେସରକାରୀ	ଶାରଦ ୨	୦.୦୩୩୦୦	ଶ୍ରୀ ଜଗନ୍ନାଥ ମହାପ୍ରଭୁ ବିଜେ, ପୁରୀ ମାର୍ଫତ୍ ଶ୍ରୀ ଜଗନ୍ନାଥ ମନ୍ଦିର ପରିଚାଳନା କମିଟି, ପୁରୀ
୨୩୪	୬୯୨	ବେସରକାରୀ	ଶାରଦ ୨/୩	୦.୦୫୫୦୦	ଶ୍ରୀ ଜଗନ୍ନାଥ ମହାପ୍ରଭୁ ବିଜେ, ପୁରୀ ମାର୍ଫତ୍ ଶ୍ରୀ ଜଗନ୍ନାଥ ମନ୍ଦିର ପରିଚାଳନା କମିଟି, ପୁରୀ
୨୩୫	୬୯୩	ବେସରକାରୀ	ଶାରଦ ୨	୦.୦୪୦୦୦	ଦାଶରଥି ଦେହୁରୀ, ପିତା: ଲକ୍ଷ୍ମଣ ଦେହୁରୀ, ଗ୍ରାମ: ନିଜଗାଁ
୨୩୬	୬୯୪	ବେସରକାରୀ	ଶାରଦ ୨	୦.୦୪୫୦୦	ବିଶ୍ୱନାଥ ଦେହୁରୀ, ପିତା: ଲକ୍ଷ୍ମଣ ଦେହୁରୀ, ଗ୍ରାମ: ନିଜଗାଁ, ଜିଲ୍ଲା: କଟକ
୨୩୭	୬୯୫	ବେସରକାରୀ	ପଡ଼ା ୨	୦.୦୬୦୦୦	ସୁରେଶ ଦେହୁରୀ, ପିତା: ମଦନ ଦେହୁରୀ, ଗ୍ରାମ: ନିଜଗାଁ, ଥାନା: ଗୋବିନ୍ଦପୁର
୨୩୮	୬୯୬	ବେସରକାରୀ	ଶାରଦ ୨/୩	୦.୦୫୫୦୦	ପ୍ରମୋଦ କୁମାର ଦେହୁରୀ, ପିତା: ସୁରେଶ ଦେହୁରୀ, ଗ୍ରାମ: ନିଜଗାଁ
୨୩୯	୬୯୭	ବେସରକାରୀ	ଶାରଦ ୨	୦.୦୪୫୦୦	ଶାନ୍ତିଲତା ଦେହୁରୀ, ସ୍ୱାମୀ: ପ୍ରମୋଦ ଦେହୁରୀ, ଗ୍ରାମ: ନିଜଗାଁ
୨୪୦	୬୯୮	ବେସରକାରୀ	ଶାରଦ ୨	୦.୦୫୪୦୦	ଅନ୍ନପୂର୍ଣ୍ଣା ଦେହୁରୀ, ସ୍ୱାମୀ: ଜଗନ୍ନାଥ ଦେହୁରୀ, ଗ୍ରାମ: ନିଜଗାଁ
୨୪୧	୬୯୯	ବେସରକାରୀ	ଶାରଦ ୨/୮	୦.୦୬୦୦୦	ଚନ୍ଦ୍ରମଣି ଦେହୁରୀ, ସ୍ୱାମୀ: ନୀଳକଣ୍ଠ ଦେହୁରୀ, ଗ୍ରାମ: ନିଜଗାଁ
୨୪୨	୬୯୯/୭୦୨	ବେସରକାରୀ	ଶାରଦ ୨	୦.୦୪୫୦୦	ମମତା ଦେହୁରୀ, ସ୍ୱାମୀ: କୃଷ୍ଣ ଦେହୁରୀ, ଗ୍ରାମ: ନିଜଗାଁ
୨୪୩	୭୦୦	ବେସରକାରୀ	ଶାରଦ ୨/୧୪	୦.୦୬୦୦୦	ଅନିଲ ଚନ୍ଦ୍ର ଦେ, ପିତା: ବୈଦ୍ୟନାଥ ଦେ, ଗ୍ରାମ: ମହାନଦୀପାଟଣା
୨୪୪	୭୦୧	ବେସରକାରୀ	ଶାରଦ ୨	୦.୦୬୦୦୦	ରଘୁ ବାରିକ, ପିତା: ନାରାୟଣ ବାରିକ, ଗ୍ରାମ: ନିଜଗାଁ, ଜିଲ୍ଲା: କଟକ
୨୪୫	୭୦୨	ବେସରକାରୀ	ଶାରଦ ୨/୧୦	୦.୦୦୦୦୦	ଉଲ୍ଲାସକ ରାଉତ, ପିତା: ଉତ୍ତମ ରାଉତ, ଗ୍ରାମ: ନିଜଗାଁ
୨୪୬	୭୦୩	ବେସରକାରୀ	ଶାରଦ ୨/୮	୦.୦୦୦୦୦	ରମେଶ ଚନ୍ଦ୍ର ରାଉତ, ପିତା: ମଧୁ ରାଉତ, ଗ୍ରାମ: ନିଜଗାଁ
୨୪୭	୭୦୪	ବେସରକାରୀ	ଶାରଦ ୨/୧୪	୦.୦୨୦୦୦	ଶ୍ରୀମତୀ ଅଶାଲତା ରାଉତ, ସ୍ୱାମୀ: ତ୍ରିଲୋଚନ ରାଉତ, ଗ୍ରାମ: ନିଜଗାଁ
୨୪୮	୭୦୫	ବେସରକାରୀ	ଶାରଦ ୨	୦.୦୫୦୦୦	ଏସବ ଲାଲିତାର ବାରିକ, ପିତା: ଆଦିତ୍ୟ ବାରିକ, ଗ୍ରାମ: ନିଜଗାଁ
୨୪୯	୭୦୬	ବେସରକାରୀ	ଶାରଦ ୨/୩	୦.୦୫୦୦୦	ଏସବ କାଲିୟାର ବାରିକ, ପିତା: ଆଦିତ୍ୟ ବାରିକ, ଗ୍ରାମ: ନିଜଗାଁ
୨୫୦	୭୦୭	ବେସରକାରୀ	ଶାରଦ ୨	୦.୦୩୦୦୦	ପାର୍ବତୀ ଦେହୁରୀ, ସ୍ୱାମୀ: ଘନଶ୍ୟାମ ଦେହୁରୀ, ଗ୍ରାମ: ନିଜଗାଁ
ଗ୍ରାମ: ଚମ୍ପାଖେଲାପୁର					
୨୫୧	୨୯	ବେସରକାରୀ	ଶାରଦ ୨	୦.୦୫୦୦୦	ଲକ୍ଷ୍ମୀ ଦେଇ, ପିତା: ନନ୍ଦ ରାଉତ, ଗ୍ରାମ: ଚମ୍ପାଖେଲାପୁର
୨୫୨	୩୦	ବେସରକାରୀ	ଶାରଦ ୨	୦.୦୪୫୦୦	ପୂର୍ଣ୍ଣଚନ୍ଦ୍ର ରାଉତ, ପିତା: ଗୋପାଳ ରାଉତ, ଗ୍ରାମ: ଚମ୍ପାଖେଲାପୁର
୨୫୩	୩୧	ବେସରକାରୀ	ଶାରଦ ୨	୦.୦୫୫୦୦	କାହ୍ନୁ ଚରଣ ରାଉତ, ପିତା: ଗୋପାଳ ରାଉତ, ଗ୍ରାମ: ଚମ୍ପାଖେଲାପୁର
୨୫୪	୩୨	ବେସରକାରୀ	ଶାରଦ ୨	୦.୦୬୦୦୦	ଧନେଶ୍ୱର ରାଉତ, ପିତା: କୃଷ୍ଣ ରାଉତ, ଗ୍ରାମ: ଚମ୍ପାଖେଲାପୁର
୨୫୫	୩୩	ବେସରକାରୀ	ଶାରଦ ୨	୦.୦୪୦୦୦	ପ୍ରଭାକର ରାଉତ, ପିତା: ଶ୍ୟାମ ରାଉତ, ଗ୍ରାମ: ଚମ୍ପାଖେଲାପୁର
୨୫୬	୩୪	ବେସରକାରୀ	ଶାରଦ ୨	୦.୦୩୫୦୦	ଗଣେଶ ରାଉତ, ପିତା: ରାମ ରାଉତ, ଗ୍ରାମ: ଚମ୍ପାଖେଲାପୁର
୨୫୭	୩୫	ବେସରକାରୀ	ଶାରଦ ୨	୦.୦୫୦୦୦	ଦିନବନ୍ଧୁ ରାଉତ, ପିତା: ଚନ୍ଦ୍ର ରାଉତ, ଗ୍ରାମ: ଚମ୍ପାଖେଲାପୁର
୨୫୮	୩୬	ବେସରକାରୀ	ଶାରଦ ୨	୦.୦୪୫୦୦	ଭୀମସେନ ରାଉତ, ପିତା: ହରି ରାଉତ, ଗ୍ରାମ: ଚମ୍ପାଖେଲାପୁର
୨୫୯	୩୭	ବେସରକାରୀ	ଶାରଦ ୨	୦.୦୬୦୦୦	ବୈରାଗୀ ରାଉତ, ପିତା: ମଧୁ ରାଉତ, ଗ୍ରାମ: ଚମ୍ପାଖେଲାପୁର
୨୬୦	୩୮	ବେସରକାରୀ	ଶାରଦ ୨	୦.୦୩୦୦୦	ନରସିଂହ ରାଉତ, ପିତା: ଲୋକନାଥ ରାଉତ, ଗ୍ରାମ: ଚମ୍ପାଖେଲାପୁର
୨୬୧	୩୯	ବେସରକାରୀ	ଶାରଦ ୨	୦.୦୪୦୦୦	ଭାସ୍କର ରାଉତ, ପିତା: ଶଙ୍କର ରାଉତ, ଗ୍ରାମ: ଚମ୍ପାଖେଲାପୁର
୨୬୨	୪୦	ବେସରକାରୀ	ଶାରଦ ୨	୦.୦୫୦୦୦	ପଦ୍ମଲୋଚନ ରାଉତ, ପିତା: କାଳୀ ରାଉତ, ଗ୍ରାମ: ଚମ୍ପାଖେଲାପୁର
୨୬୩	୪୧	ବେସରକାରୀ	ଶାରଦ ୨	୦.୦୩୫୦୦	ଜୟକୃଷ୍ଣ ରାଉତ, ପିତା: ନୀଳାମ୍ବର ରାଉତ, ଗ୍ରାମ: ଚମ୍ପାଖେଲାପୁର
୨୬୪	୪୨	ବେସରକାରୀ	ଶାରଦ ୨	୦.୦୪୫୦୦	ମଦନ ମୋହନ ରାଉତ, ପିତା: ଗୋବିନ୍ଦ ରାଉତ, ଗ୍ରାମ: ଚମ୍ପାଖେଲାପୁର
୨୬୫	୪୩	ବେସରକାରୀ	ଶାରଦ ୨	୦.୦୬୦୦୦	ଶ୍ୟାମସୁନ୍ଦର ରାଉତ, ପିତା: ଅଭିମନ୍ୟୁ ରାଉତ, ଗ୍ରାମ: ଚମ୍ପାଖେଲାପୁର
୨୬୬	୪୪	ବେସରକାରୀ	ଶାରଦ ୨	୦.୦୫୦୦୦	ଚିନ୍ତାମଣି ରାଉତ, ପିତା: ପୂର୍ଣ୍ଣ ରାଉତ, ଗ୍ରାମ: ଚମ୍ପାଖେଲାପୁର
୨୬୭	୪୫	ବେସରକାରୀ	ଶାରଦ ୨	୦.୦୪୦୦୦	କୁଳମଣି ରାଉତ, ପିତା: ଦାମୋଦର ରାଉତ, ଗ୍ରାମ: ଚମ୍ପାଖେଲାପୁର
୨୬୮	୪୬	ବେସରକାରୀ	ଶାରଦ ୨	୦.୦୩୦୦୦	ଭାଗବତ ରାଉତ, ପିତା: କପିଳ ରାଉତ, ଗ୍ରାମ: ଚମ୍ପାଖେଲାପୁର
